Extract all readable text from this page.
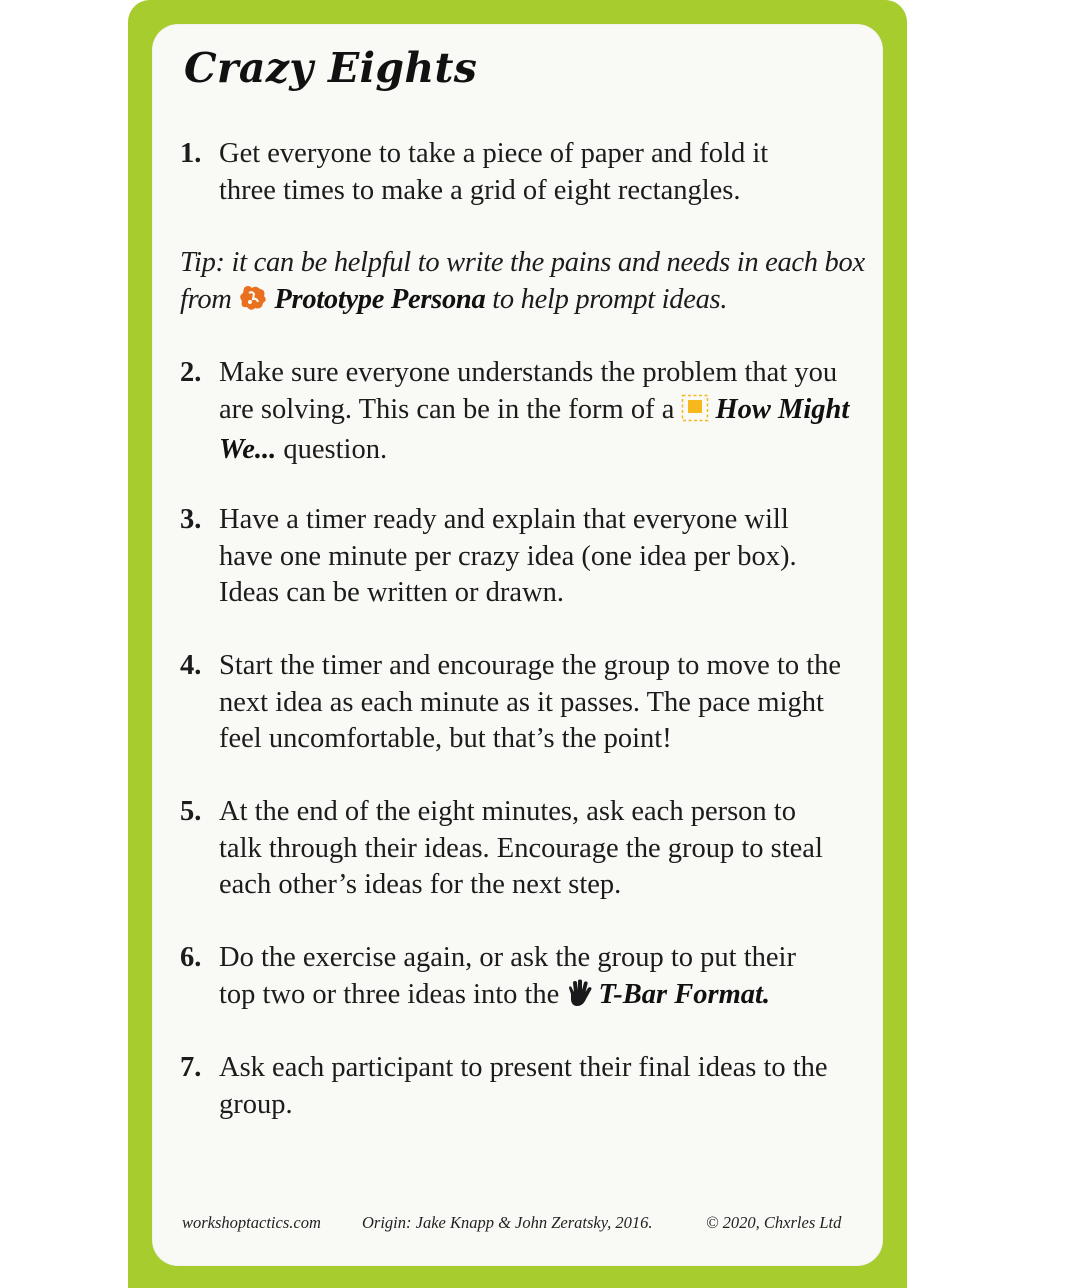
Crazy Eights
1. Get everyone to take a piece of paper and fold it three times to make a grid of eight rectangles.
Tip: it can be helpful to write the pains and needs in each box from Prototype Persona to help prompt ideas.
2. Make sure everyone understands the problem that you are solving. This can be in the form of a How Might We... question.
3. Have a timer ready and explain that everyone will have one minute per crazy idea (one idea per box). Ideas can be written or drawn.
4. Start the timer and encourage the group to move to the next idea as each minute as it passes. The pace might feel uncomfortable, but that’s the point!
5. At the end of the eight minutes, ask each person to talk through their ideas. Encourage the group to steal each other’s ideas for the next step.
6. Do the exercise again, or ask the group to put their top two or three ideas into the T-Bar Format.
7. Ask each participant to present their final ideas to the group.
workshoptactics.com Origin: Jake Knapp & John Zeratsky, 2016.	© 2020, Chxrles Ltd
